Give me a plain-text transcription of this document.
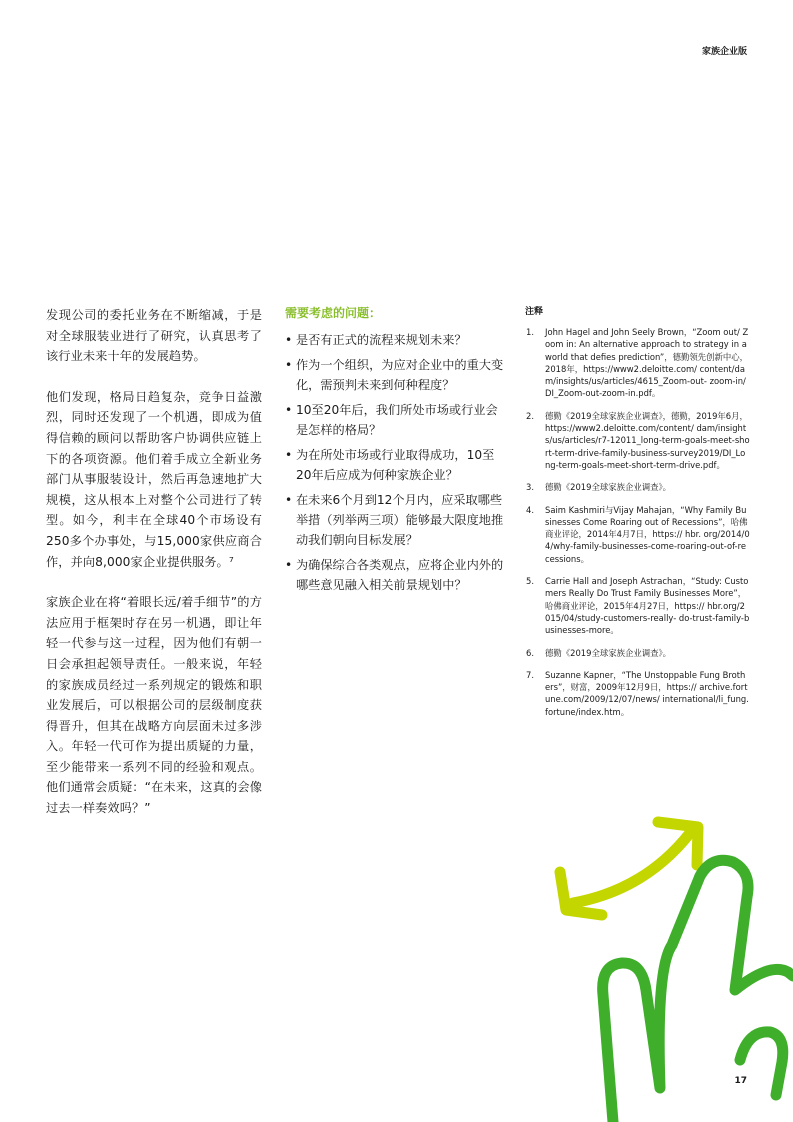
家族企业版

发现公司的委托业务在不断缩减，于是对全球服装业进行了研究，认真思考了该行业未来十年的发展趋势。

他们发现，格局日趋复杂，竞争日益激烈，同时还发现了一个机遇，即成为值得信赖的顾问以帮助客户协调供应链上下的各项资源。他们着手成立全新业务部门从事服装设计，然后再急速地扩大规模，这从根本上对整个公司进行了转型。如今，利丰在全球40个市场设有250多个办事处，与15,000家供应商合作，并向8,000家企业提供服务。⁷

家族企业在将“着眼长远/着手细节”的方法应用于框架时存在另一机遇，即让年轻一代参与这一过程，因为他们有朝一日会承担起领导责任。一般来说，年轻的家族成员经过一系列规定的锻炼和职业发展后，可以根据公司的层级制度获得晋升，但其在战略方向层面未过多涉入。年轻一代可作为提出质疑的力量，至少能带来一系列不同的经验和观点。他们通常会质疑：“在未来，这真的会像过去一样奏效吗？”

需要考虑的问题：
• 是否有正式的流程来规划未来？
• 作为一个组织，为应对企业中的重大变化，需预判未来到何种程度？
• 10至20年后，我们所处市场或行业会是怎样的格局？
• 为在所处市场或行业取得成功，10至20年后应成为何种家族企业？
• 在未来6个月到12个月内，应采取哪些举措（列举两三项）能够最大限度地推动我们朝向目标发展？
• 为确保综合各类观点，应将企业内外的哪些意见融入相关前景规划中？
注释
1. John Hagel and John Seely Brown，“Zoom out/ Zoom in: An alternative approach to strategy in a world that defies prediction”，德勤领先创新中心，2018年，https://www2.deloitte.com/ content/dam/insights/us/articles/4615_Zoom-out- zoom-in/DI_Zoom-out-zoom-in.pdf。
2. 德勤《2019全球家族企业调查》，德勤，2019年6月，https://www2.deloitte.com/content/ dam/insights/us/articles/r7-12011_long-term-goals-meet-short-term-drive-family-business-survey2019/DI_Long-term-goals-meet-short-term-drive.pdf。
3. 德勤《2019全球家族企业调查》。
4. Saim Kashmiri与Vijay Mahajan，“Why Family Businesses Come Roaring out of Recessions”，哈佛商业评论，2014年4月7日，https:// hbr. org/2014/04/why-family-businesses-come-roaring-out-of-recessions。
5. Carrie Hall and Joseph Astrachan，“Study: Customers Really Do Trust Family Businesses More”，哈佛商业评论，2015年4月27日，https:// hbr.org/2015/04/study-customers-really- do-trust-family-businesses-more。
6. 德勤《2019全球家族企业调查》。
7. Suzanne Kapner，“The Unstoppable Fung Brothers”，财富，2009年12月9日，https:// archive.fortune.com/2009/12/07/news/ international/li_fung.fortune/index.htm。
17
